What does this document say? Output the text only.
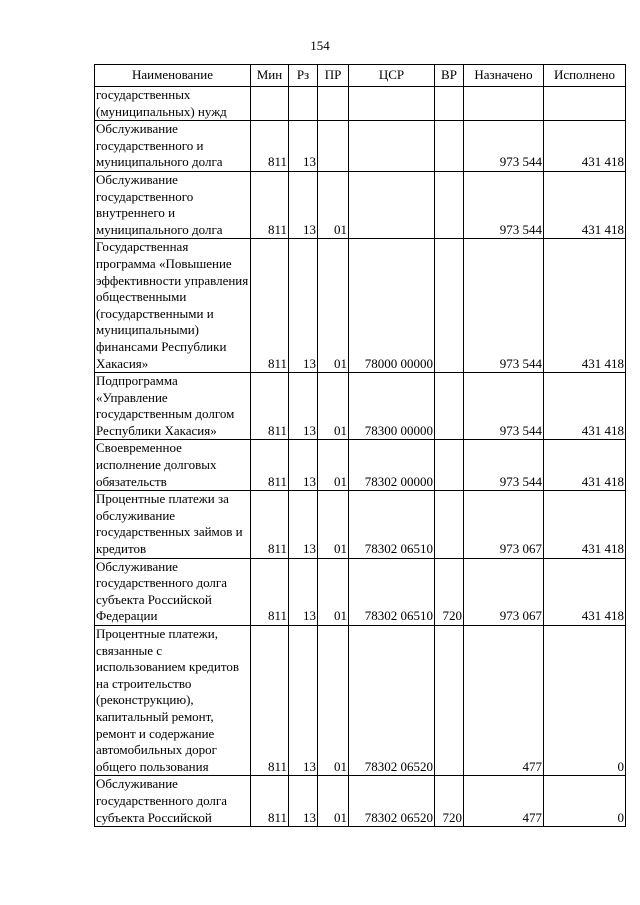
154
Наименование	Мин	Рз	ПР	ЦСР	ВР	Назначено	Исполнено
государственных (муниципальных) нужд							
Обслуживание государственного и муниципального долга	811	13				973 544	431 418
Обслуживание государственного внутреннего и муниципального долга	811	13	01			973 544	431 418
Государственная программа «Повышение эффективности управления общественными (государственными и муниципальными) финансами Республики Хакасия»	811	13	01	78000 00000		973 544	431 418
Подпрограмма «Управление государственным долгом Республики Хакасия»	811	13	01	78300 00000		973 544	431 418
Своевременное исполнение долговых обязательств	811	13	01	78302 00000		973 544	431 418
Процентные платежи за обслуживание государственных займов и кредитов	811	13	01	78302 06510		973 067	431 418
Обслуживание государственного долга субъекта Российской Федерации	811	13	01	78302 06510	720	973 067	431 418
Процентные платежи, связанные с использованием кредитов на строительство (реконструкцию), капитальный ремонт, ремонт и содержание автомобильных дорог общего пользования	811	13	01	78302 06520		477	0
Обслуживание государственного долга субъекта Российской	811	13	01	78302 06520	720	477	0
